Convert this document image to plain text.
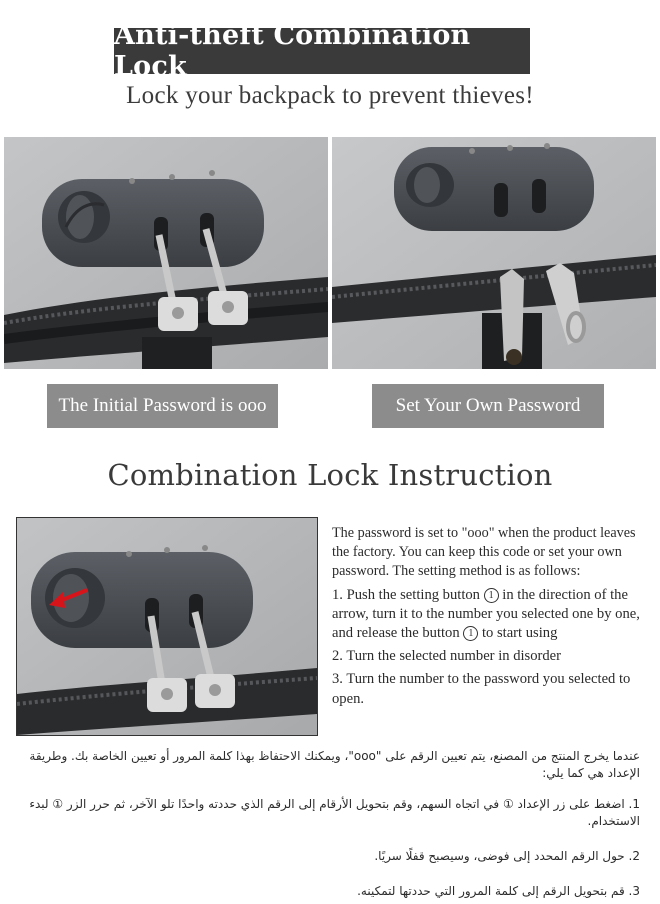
Anti-theft Combination Lock
Lock your backpack to prevent thieves!
The Initial Password is ooo	Set Your Own Password
Combination Lock Instruction

The password is set to "ooo" when the product leaves the factory. You can keep this code or set your own password. The setting method is as follows:

1. Push the setting button 1 in the direction of the arrow, turn it to the number you selected one by one, and release the button 1 to start using

2. Turn the selected number in disorder

3. Turn the number to the password you selected to open.

عندما يخرج المنتج من المصنع، يتم تعيين الرقم على "ooo"، ويمكنك الاحتفاظ بهذا كلمة المرور أو تعيين الخاصة بك. وطريقة الإعداد هي كما يلي:

1. اضغط على زر الإعداد ① في اتجاه السهم، وقم بتحويل الأرقام إلى الرقم الذي حددته واحدًا تلو الآخر، ثم حرر الزر ① لبدء الاستخدام.

2. حول الرقم المحدد إلى فوضى، وسيصبح قفلًا سريًا.

3. قم بتحويل الرقم إلى كلمة المرور التي حددتها لتمكينه.
